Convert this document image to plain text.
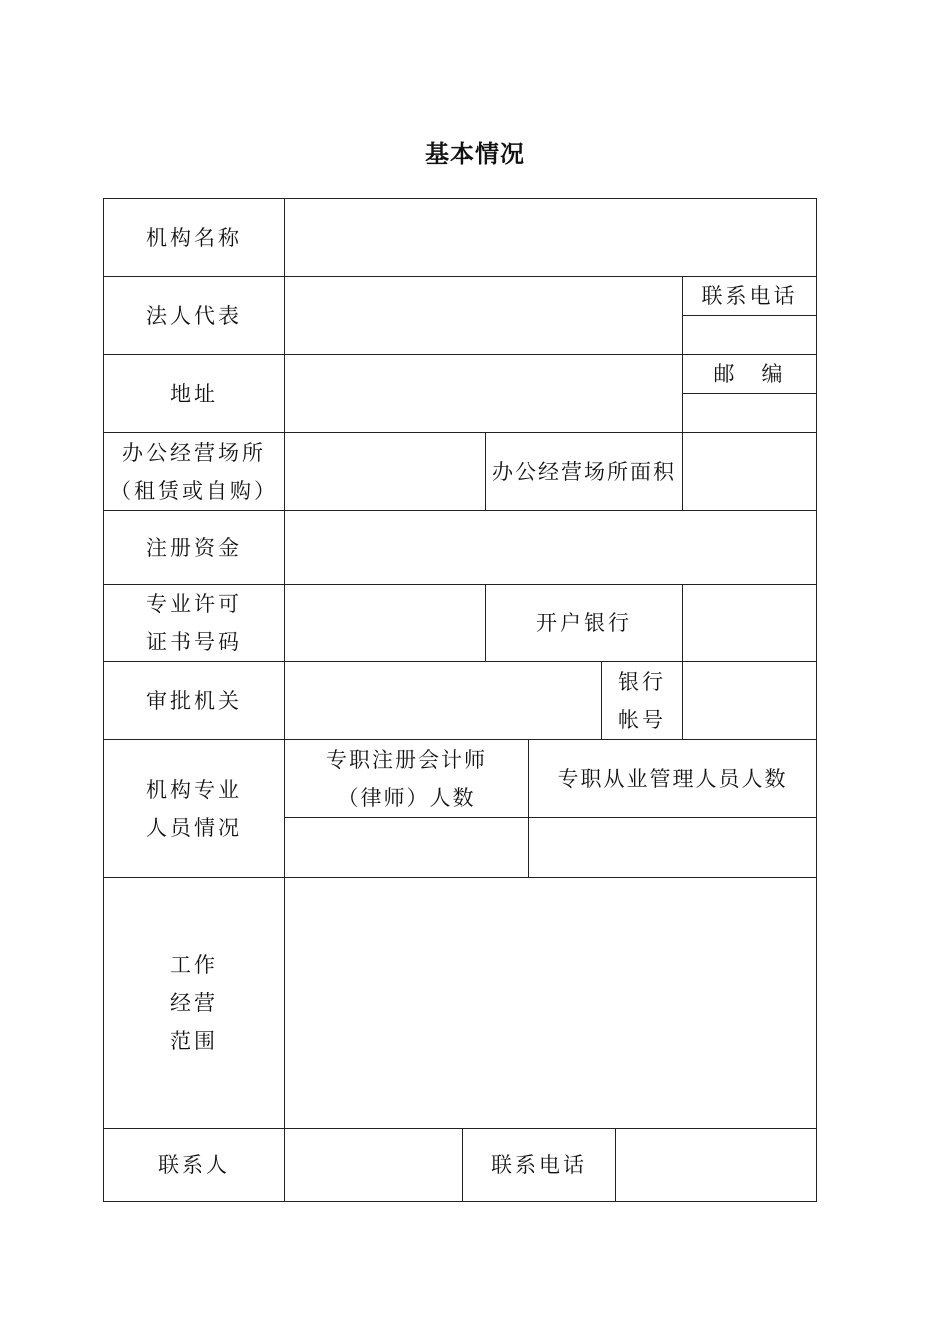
基本情况
机构名称
法人代表
联系电话
地址
邮　编
办公经营场所
（租赁或自购）
办公经营场所面积
注册资金
专业许可
证书号码
开户银行
审批机关
银行
帐号
机构专业
人员情况
专职注册会计师
（律师）人数
专职从业管理人员人数
工作
经营
范围
联系人	联系电话
